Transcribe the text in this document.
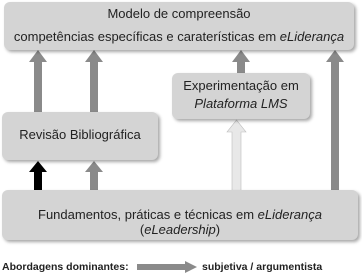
Modelo de compreensão
competências específicas e caraterísticas em eLiderança
Experimentação em
Plataforma LMS
Revisão Bibliográfica
Fundamentos, práticas e técnicas em eLiderança (eLeadership)
Abordagens dominantes:	subjetiva / argumentista
